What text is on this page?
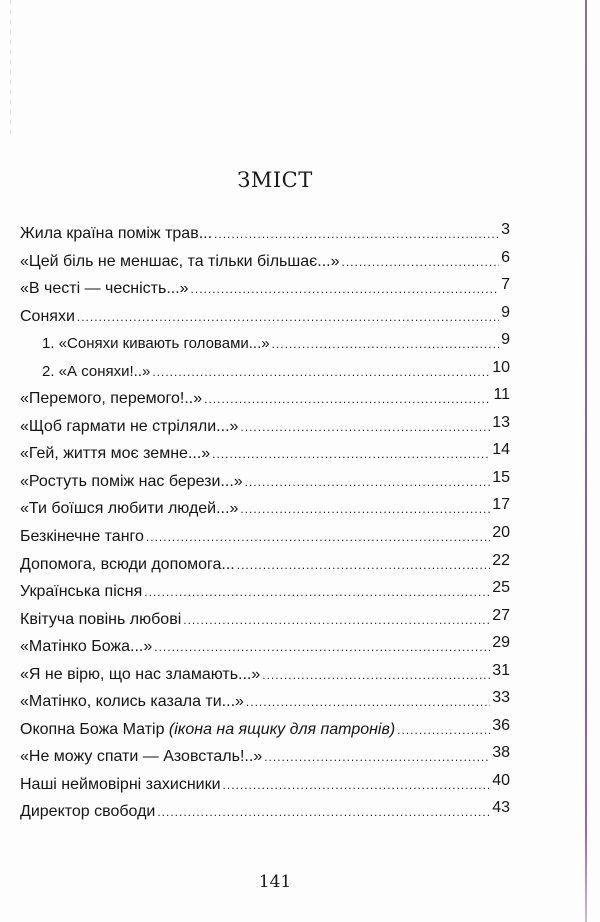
ЗМІСТ
Жила країна поміж трав... .....	3
«Цей біль не меншає, та тільки більшає...» .....	6
«В честі — чесність...» .....	7
Соняхи .....	9
1. «Соняхи кивають головами...» .....	9
2. «А соняхи!..» .....	10
«Перемого, перемого!..» .....	11
«Щоб гармати не стріляли...» .....	13
«Гей, життя моє земне...» .....	14
«Ростуть поміж нас берези...» .....	15
«Ти боїшся любити людей...» .....	17
Безкінечне танго .....	20
Допомога, всюди допомога... .....	22
Українська пісня .....	25
Квітуча повінь любові .....	27
«Матінко Божа...» .....	29
«Я не вірю, що нас зламають...» .....	31
«Матінко, колись казала ти...» .....	33
Окопна Божа Матір (ікона на ящику для патронів) .....	36
«Не можу спати — Азовсталь!..» .....	38
Наші неймовірні захисники .....	40
Директор свободи .....	43
141
